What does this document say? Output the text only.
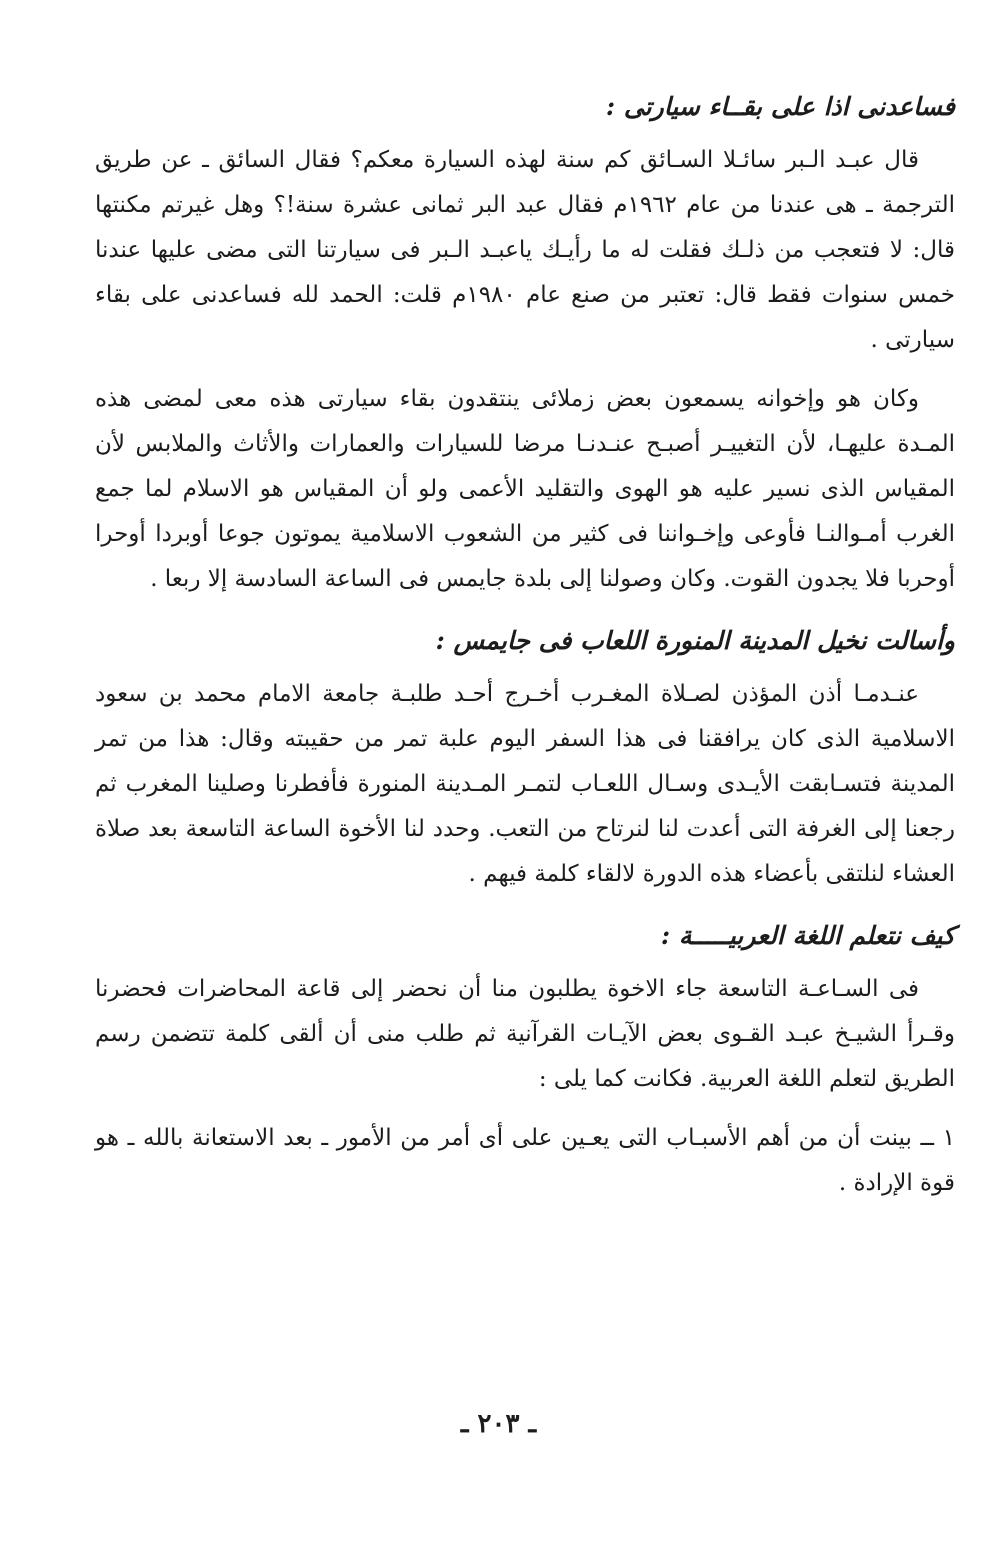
فساعدنى اذا على بقــاء سيارتى :

قال عبـد الـبر سائـلا السـائق كم سنة لهذه السيارة معكم؟ فقال السائق ـ عن طريق الترجمة ـ هى عندنا من عام ١٩٦٢م فقال عبد البر ثمانى عشرة سنة!؟ وهل غيرتم مكنتها قال: لا فتعجب من ذلـك فقلت له ما رأيـك ياعبـد الـبر فى سيارتنا التى مضى عليها عندنا خمس سنوات فقط قال: تعتبر من صنع عام ١٩٨٠م قلت: الحمد لله فساعدنى على بقاء سيارتى .

وكان هو وإخوانه يسمعون بعض زملائى ينتقدون بقاء سيارتى هذه معى لمضى هذه المـدة عليهـا، لأن التغييـر أصبـح عنـدنـا مرضا للسيارات والعمارات والأثاث والملابس لأن المقياس الذى نسير عليه هو الهوى والتقليد الأعمى ولو أن المقياس هو الاسلام لما جمع الغرب أمـوالنـا فأوعى وإخـواننا فى كثير من الشعوب الاسلامية يموتون جوعا أوبردا أوحرا أوحربا فلا يجدون القوت. وكان وصولنا إلى بلدة جايمس فى الساعة السادسة إلا ربعا .

وأسالت نخيل المدينة المنورة اللعاب فى جايمس :

عنـدمـا أذن المؤذن لصـلاة المغـرب أخـرج أحـد طلبـة جامعة الامام محمد بن سعود الاسلامية الذى كان يرافقنا فى هذا السفر اليوم علبة تمر من حقيبته وقال: هذا من تمر المدينة فتسـابقت الأيـدى وسـال اللعـاب لتمـر المـدينة المنورة فأفطرنا وصلينا المغرب ثم رجعنا إلى الغرفة التى أعدت لنا لنرتاح من التعب. وحدد لنا الأخوة الساعة التاسعة بعد صلاة العشاء لنلتقى بأعضاء هذه الدورة لالقاء كلمة فيهم .

كيف نتعلم اللغة العربيـــــة :

فى السـاعـة التاسعة جاء الاخوة يطلبون منا أن نحضر إلى قاعة المحاضرات فحضرنا وقـرأ الشيـخ عبـد القـوى بعض الآيـات القرآنية ثم طلب منى أن ألقى كلمة تتضمن رسم الطريق لتعلم اللغة العربية. فكانت كما يلى :

١ ــ بينت أن من أهم الأسبـاب التى يعـين على أى أمر من الأمور ـ بعد الاستعانة بالله ـ هو قوة الإرادة .

ـ ٢٠٣ ـ
